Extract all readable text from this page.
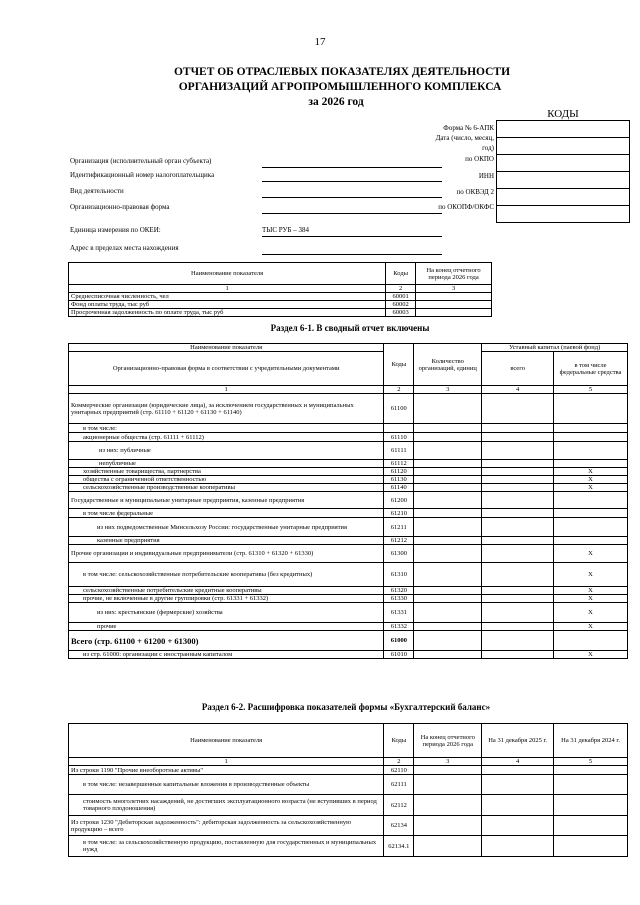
17
ОТЧЕТ ОБ ОТРАСЛЕВЫХ ПОКАЗАТЕЛЯХ ДЕЯТЕЛЬНОСТИ
ОРГАНИЗАЦИЙ АГРОПРОМЫШЛЕННОГО КОМПЛЕКСА
за 2026 год
КОДЫ
Форма № 6-АПК
Дата (число, месяц,
год)
по ОКПО
ИНН
по ОКВЭД 2
по ОКОПФ/ОКФС
Организация (исполнительный орган субъекта)
Идентификационный номер налогоплательщика
Вид деятельности
Организационно-правовая форма
Единица измерения по ОКЕИ:	ТЫС РУБ – 384
Адрес в пределах места нахождения
Наименование показателя	Коды	На конец отчетного периода 2026 года
1	2	3
Среднесписочная численность, чел	60001	
Фонд оплаты труда, тыс руб	60002	
Просроченная задолженность по оплате труда, тыс руб	60003	
Раздел 6-1. В сводный отчет включены
Наименование показателя	Коды	Количество организаций, единиц	Уставный капитал (паевой фонд)	
Организационно-правовая форма в соответствии с учредительными документами			всего	в том числе федеральные средства
1	2	3	4	5
Коммерческие организации (юридические лица), за исключением государственных и муниципальных унитарных предприятий (стр. 61110 + 61120 + 61130 + 61140)	61100			
в том числе:				
акционерные общества (стр. 61111 + 61112)	61110			
из них: публичные	61111			
непубличные	61112			
хозяйственные товарищества, партнерства	61120			X
общества с ограниченной ответственностью	61130			X
сельскохозяйственные производственные кооперативы	61140			X
Государственные и муниципальные унитарные предприятия, казенные предприятия	61200			
в том числе федеральные	61210			
из них подведомственные Минсельхозу России: государственные унитарные предприятия	61211			
казенные предприятия	61212			
Прочие организации и индивидуальные предприниматели (стр. 61310 + 61320 + 61330)	61300			X
в том числе: сельскохозяйственные потребительские кооперативы (без кредитных)	61310			X
сельскохозяйственные потребительские кредитные кооперативы	61320			X
прочие, не включенные в другие группировки (стр. 61331 + 61332)	61330			X
из них: крестьянские (фермерские) хозяйства	61331			X
прочие	61332			X
Всего (стр. 61100 + 61200 + 61300)	61000			
из стр. 61000: организации с иностранным капиталом	61010			X
Раздел 6-2. Расшифровка показателей формы «Бухгалтерский баланс»
Наименование показателя	Коды	На конец отчетного периода 2026 года	На 31 декабря 2025 г.	На 31 декабря 2024 г.
1	2	3	4	5
Из строки 1190 "Прочие внеоборотные активы"	62110			
в том числе: незавершенные капитальные вложения в производственные объекты	62111			
стоимость многолетних насаждений, не достигших эксплуатационного возраста (не вступивших в период товарного плодоношения)	62112			
Из строки 1230 "Дебиторская задолженность": дебиторская задолженность за сельскохозяйственную продукцию – всего	62134			
в том числе: за сельскохозяйственную продукцию, поставленную для государственных и муниципальных нужд	62134.1			
